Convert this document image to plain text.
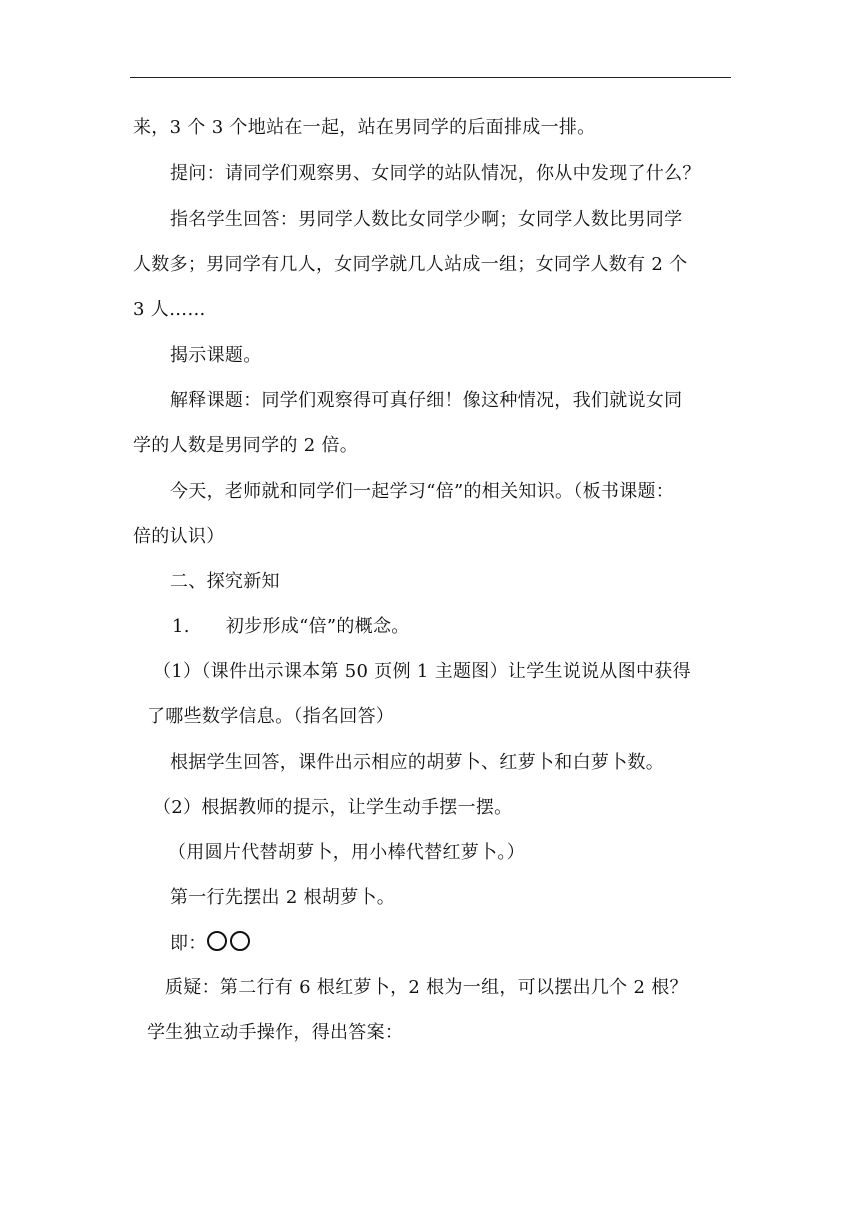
来，3 个 3 个地站在一起，站在男同学的后面排成一排。
提问：请同学们观察男、女同学的站队情况，你从中发现了什么？
指名学生回答：男同学人数比女同学少啊；女同学人数比男同学
人数多；男同学有几人，女同学就几人站成一组；女同学人数有 2 个
3 人……
揭示课题。
解释课题：同学们观察得可真仔细！像这种情况，我们就说女同
学的人数是男同学的 2 倍。
今天，老师就和同学们一起学习“倍”的相关知识。（板书课题：
倍的认识）
二、探究新知
1.      初步形成“倍”的概念。
（1）（课件出示课本第 50 页例 1 主题图）让学生说说从图中获得
了哪些数学信息。（指名回答）
根据学生回答，课件出示相应的胡萝卜、红萝卜和白萝卜数。
（2）根据教师的提示，让学生动手摆一摆。
（用圆片代替胡萝卜，用小棒代替红萝卜。）
第一行先摆出 2 根胡萝卜。
即：
质疑：第二行有 6 根红萝卜，2 根为一组，可以摆出几个 2 根？
学生独立动手操作，得出答案：
